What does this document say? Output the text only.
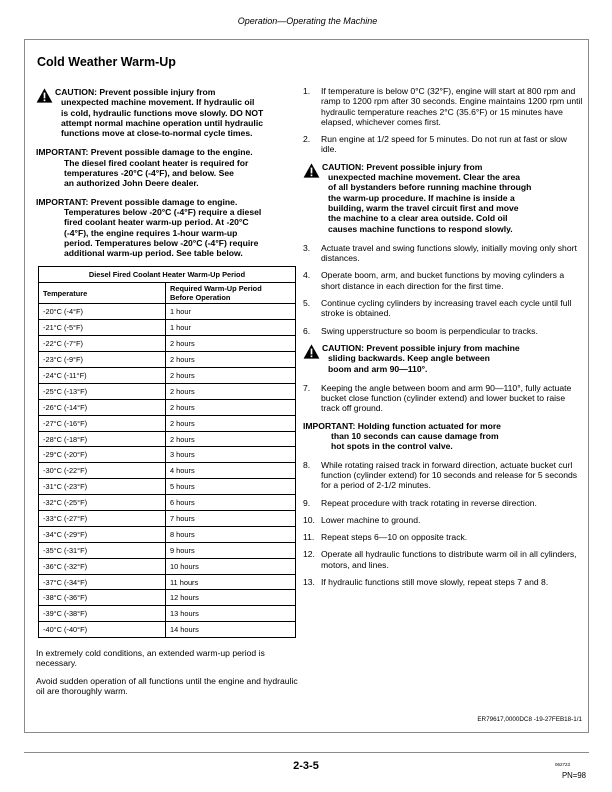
Operation—Operating the Machine
Cold Weather Warm-Up
CAUTION: Prevent possible injury from
unexpected machine movement. If hydraulic oil
is cold, hydraulic functions move slowly. DO NOT
attempt normal machine operation until hydraulic
functions move at close-to-normal cycle times.
IMPORTANT: Prevent possible damage to the engine.
The diesel fired coolant heater is required for
temperatures -20°C (-4°F), and below. See
an authorized John Deere dealer.
IMPORTANT: Prevent possible damage to engine.
Temperatures below -20°C (-4°F) require a diesel
fired coolant heater warm-up period. At -20°C
(-4°F), the engine requires 1-hour warm-up
period. Temperatures below -20°C (-4°F) require
additional warm-up period. See table below.
Diesel Fired Coolant Heater Warm-Up Period
Temperature	Required Warm-Up Period
Before Operation
-20°C (-4°F)	1 hour
-21°C (-5°F)	1 hour
-22°C (-7°F)	2 hours
-23°C (-9°F)	2 hours
-24°C (-11°F)	2 hours
-25°C (-13°F)	2 hours
-26°C (-14°F)	2 hours
-27°C (-16°F)	2 hours
-28°C (-18°F)	2 hours
-29°C (-20°F)	3 hours
-30°C (-22°F)	4 hours
-31°C (-23°F)	5 hours
-32°C (-25°F)	6 hours
-33°C (-27°F)	7 hours
-34°C (-29°F)	8 hours
-35°C (-31°F)	9 hours
-36°C (-32°F)	10 hours
-37°C (-34°F)	11 hours
-38°C (-36°F)	12 hours
-39°C (-38°F)	13 hours
-40°C (-40°F)	14 hours

In extremely cold conditions, an extended warm-up period is necessary.

Avoid sudden operation of all functions until the engine and hydraulic oil are thoroughly warm.

1. If temperature is below 0°C (32°F), engine will start at 800 rpm and ramp to 1200 rpm after 30 seconds. Engine maintains 1200 rpm until hydraulic temperature reaches 2°C (35.6°F) or 15 minutes have elapsed, whichever comes first.
2. Run engine at 1/2 speed for 5 minutes. Do not run at fast or slow idle.
CAUTION: Prevent possible injury from
unexpected machine movement. Clear the area
of all bystanders before running machine through
the warm-up procedure. If machine is inside a
building, warm the travel circuit first and move
the machine to a clear area outside. Cold oil
causes machine functions to respond slowly.
3. Actuate travel and swing functions slowly, initially moving only short distances.
4. Operate boom, arm, and bucket functions by moving cylinders a short distance in each direction for the first time.
5. Continue cycling cylinders by increasing travel each cycle until full stroke is obtained.
6. Swing upperstructure so boom is perpendicular to tracks.
CAUTION: Prevent possible injury from machine
sliding backwards. Keep angle between
boom and arm 90—110°.
7. Keeping the angle between boom and arm 90—110°, fully actuate bucket close function (cylinder extend) and lower bucket to raise track off ground.
IMPORTANT: Holding function actuated for more
than 10 seconds can cause damage from
hot spots in the control valve.
8. While rotating raised track in forward direction, actuate bucket curl function (cylinder extend) for 10 seconds and release for 5 seconds for a period of 2-1/2 minutes.
9. Repeat procedure with track rotating in reverse direction.
10. Lower machine to ground.
11. Repeat steps 6—10 on opposite track.
12. Operate all hydraulic functions to distribute warm oil in all cylinders, motors, and lines.
13. If hydraulic functions still move slowly, repeat steps 7 and 8.
ER79617,0000DC8 -19-27FEB18-1/1
2-3-5	062723
PN=98
